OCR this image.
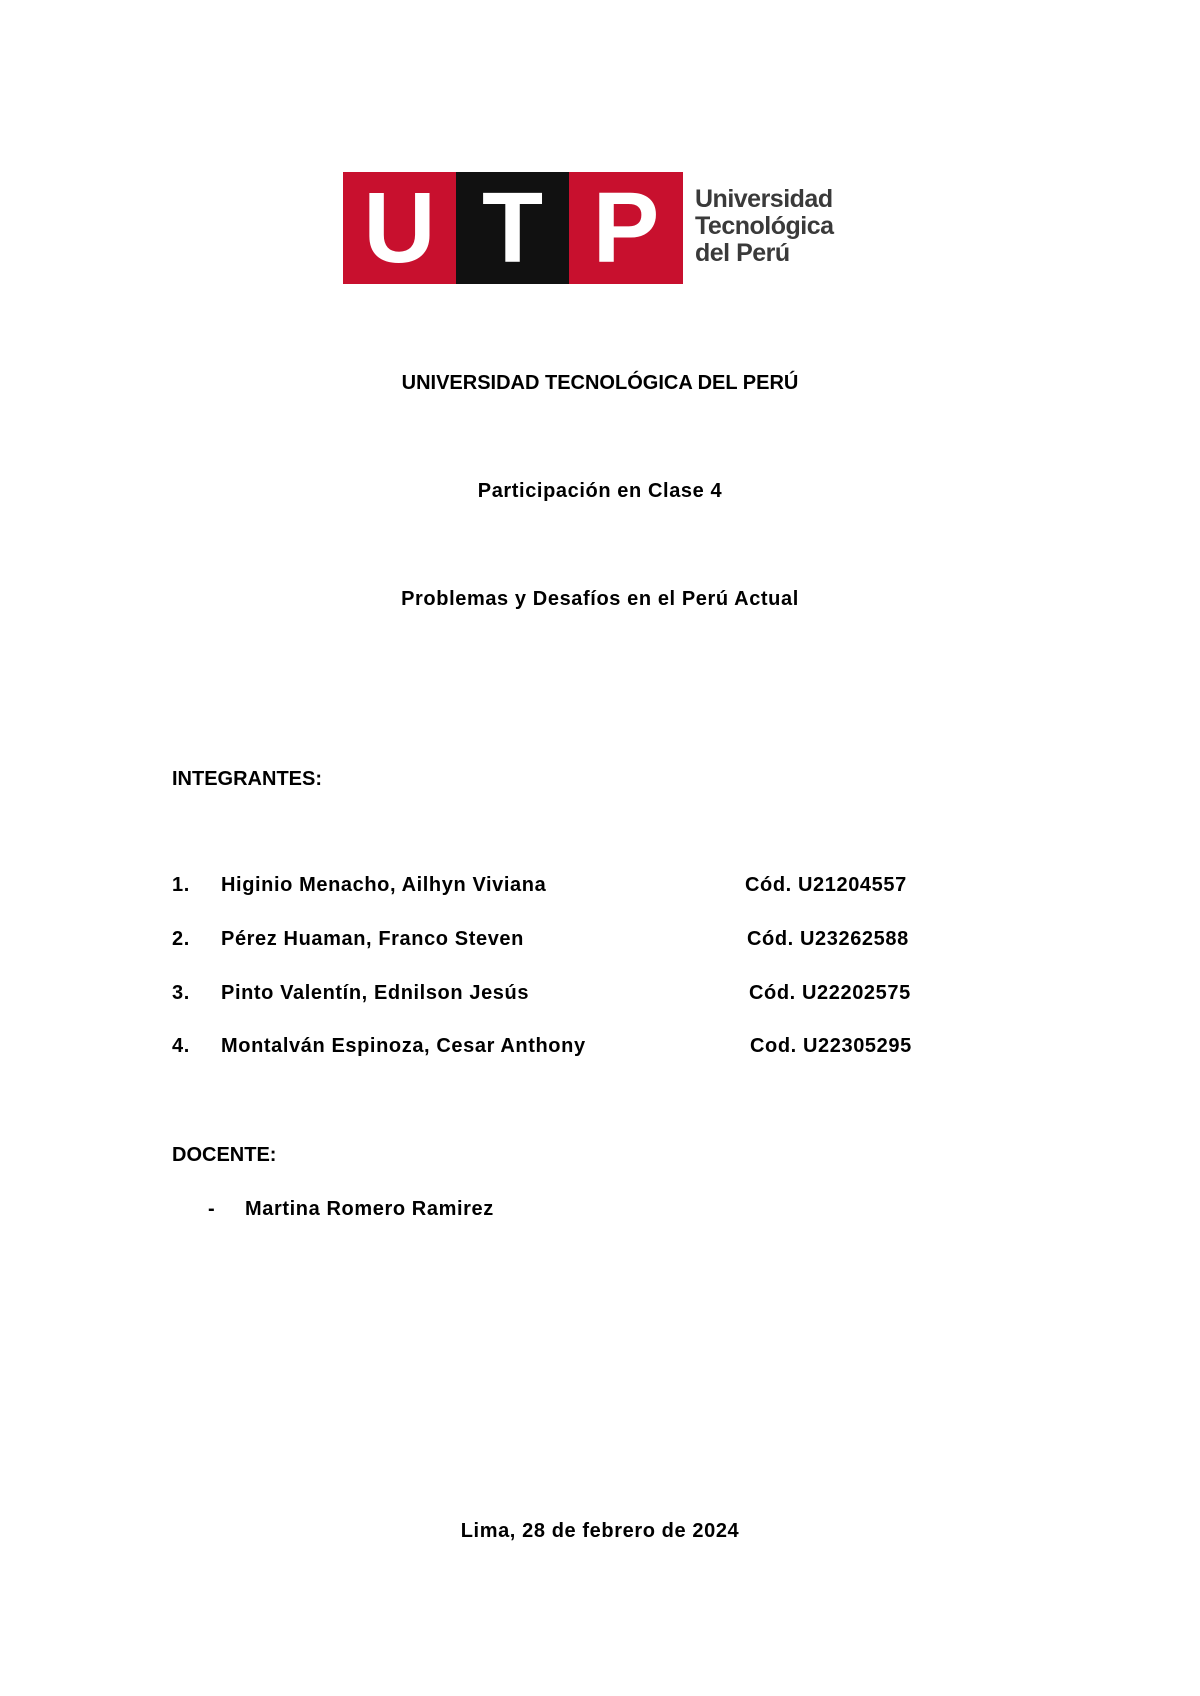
U T P	Universidad
Tecnológica
del Perú
UNIVERSIDAD TECNOLÓGICA DEL PERÚ
Participación en Clase 4
Problemas y Desafíos en el Perú Actual
INTEGRANTES:
1. Higinio Menacho, Ailhyn Viviana	Cód. U21204557
2. Pérez Huaman, Franco Steven	Cód. U23262588
3. Pinto Valentín, Ednilson Jesús	Cód. U22202575
4. Montalván Espinoza, Cesar Anthony	Cod. U22305295
DOCENTE:
- Martina Romero Ramirez
Lima, 28 de febrero de 2024
